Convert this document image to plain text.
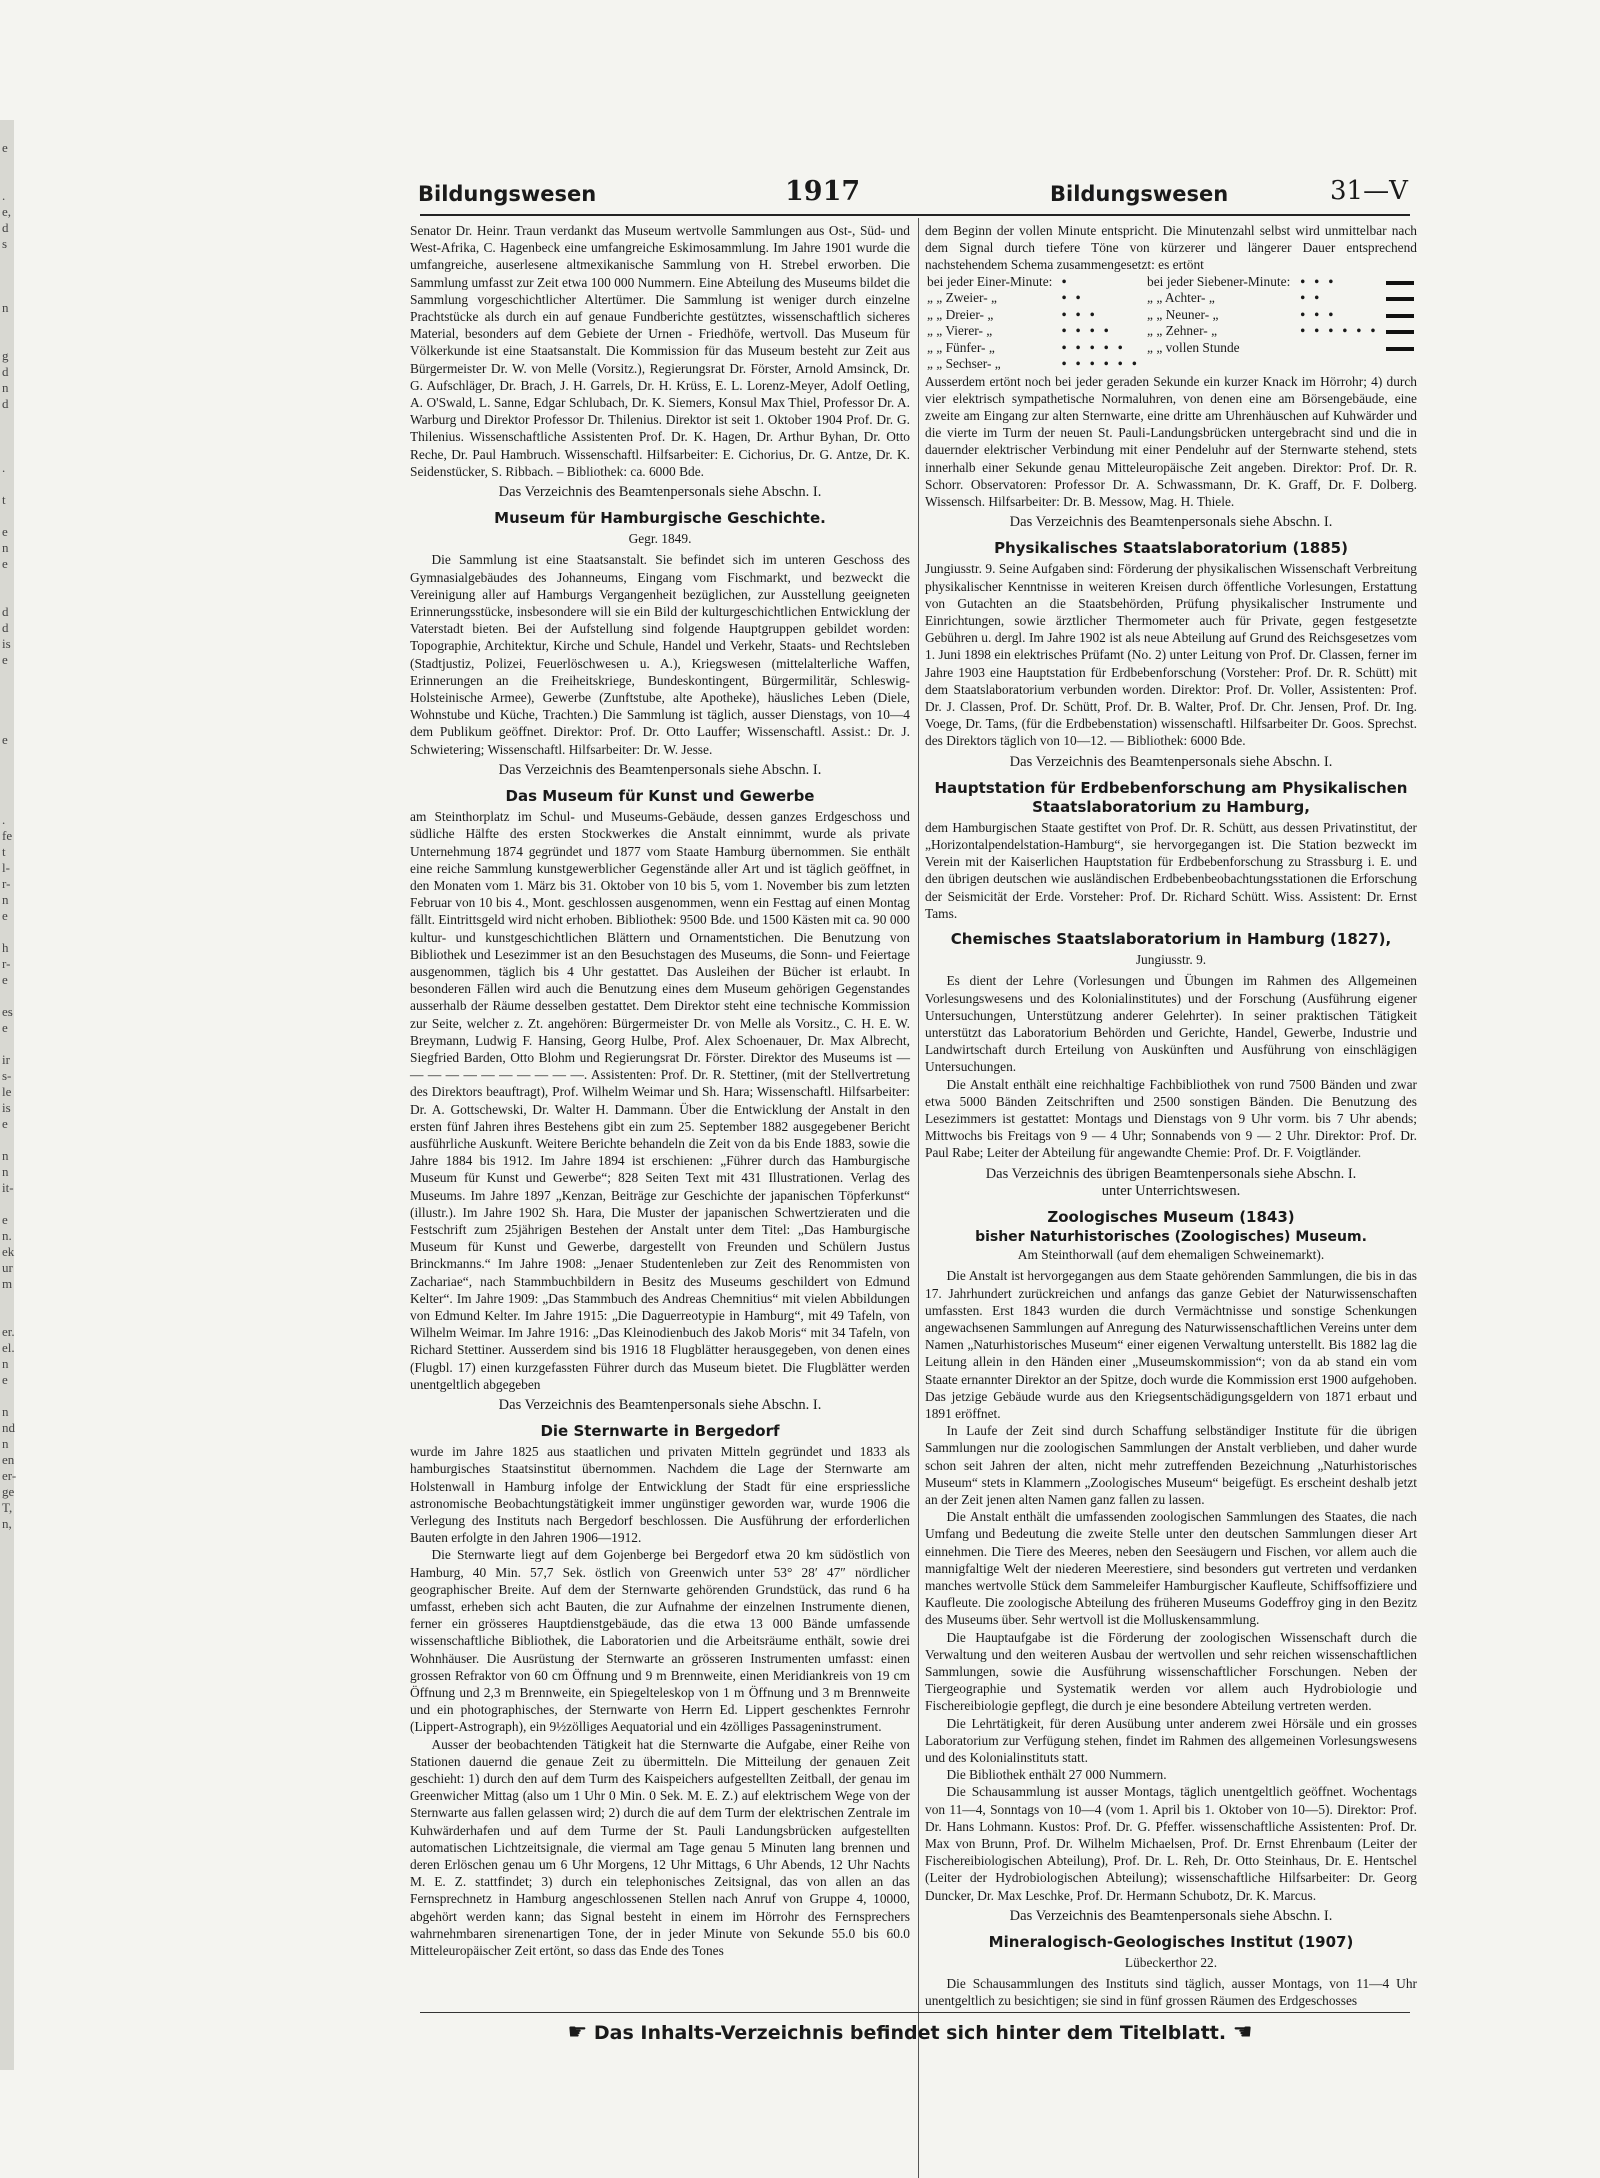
e

.
e,
d
s

n

g
d
n
d

.

t

e
n
e

d
d
is
e

e

.
fe
t
l-
r-
n
e

h
r-
e

es
e

ir
s-
le
is
e

n
n
it-

e
n.
ek
ur
m

er.
el.
n
e

n
nd
n
en
er-
ge
T,
n,
Bildungswesen	1917	Bildungswesen	31—V

Senator Dr. Heinr. Traun verdankt das Museum wertvolle Sammlungen aus Ost-, Süd- und West-Afrika, C. Hagenbeck eine umfangreiche Eskimosammlung. Im Jahre 1901 wurde die umfangreiche, auserlesene altmexikanische Sammlung von H. Strebel erworben. Die Sammlung umfasst zur Zeit etwa 100 000 Nummern. Eine Abteilung des Museums bildet die Sammlung vorgeschichtlicher Altertümer. Die Sammlung ist weniger durch einzelne Prachtstücke als durch ein auf genaue Fundberichte gestütztes, wissenschaftlich sicheres Material, besonders auf dem Gebiete der Urnen - Friedhöfe, wertvoll. Das Museum für Völkerkunde ist eine Staatsanstalt. Die Kommission für das Museum besteht zur Zeit aus Bürgermeister Dr. W. von Melle (Vorsitz.), Regierungsrat Dr. Förster, Arnold Amsinck, Dr. G. Aufschläger, Dr. Brach, J. H. Garrels, Dr. H. Krüss, E. L. Lorenz-Meyer, Adolf Oetling, A. O'Swald, L. Sanne, Edgar Schlubach, Dr. K. Siemers, Konsul Max Thiel, Professor Dr. A. Warburg und Direktor Professor Dr. Thilenius. Direktor ist seit 1. Oktober 1904 Prof. Dr. G. Thilenius. Wissenschaftliche Assistenten Prof. Dr. K. Hagen, Dr. Arthur Byhan, Dr. Otto Reche, Dr. Paul Hambruch. Wissenschaftl. Hilfsarbeiter: E. Cichorius, Dr. G. Antze, Dr. K. Seidenstücker, S. Ribbach. – Bibliothek: ca. 6000 Bde.

Das Verzeichnis des Beamtenpersonals siehe Abschn. I.

Museum für Hamburgische Geschichte.
Gegr. 1849.

Die Sammlung ist eine Staatsanstalt. Sie befindet sich im unteren Geschoss des Gymnasialgebäudes des Johanneums, Eingang vom Fischmarkt, und bezweckt die Vereinigung aller auf Hamburgs Vergangenheit bezüglichen, zur Ausstellung geeigneten Erinnerungsstücke, insbesondere will sie ein Bild der kulturgeschichtlichen Entwicklung der Vaterstadt bieten. Bei der Aufstellung sind folgende Hauptgruppen gebildet worden: Topographie, Architektur, Kirche und Schule, Handel und Verkehr, Staats- und Rechtsleben (Stadtjustiz, Polizei, Feuerlöschwesen u. A.), Kriegswesen (mittelalterliche Waffen, Erinnerungen an die Freiheitskriege, Bundeskontingent, Bürgermilitär, Schleswig-Holsteinische Armee), Gewerbe (Zunftstube, alte Apotheke), häusliches Leben (Diele, Wohnstube und Küche, Trachten.) Die Sammlung ist täglich, ausser Dienstags, von 10—4 dem Publikum geöffnet. Direktor: Prof. Dr. Otto Lauffer; Wissenschaftl. Assist.: Dr. J. Schwietering; Wissenschaftl. Hilfsarbeiter: Dr. W. Jesse.

Das Verzeichnis des Beamtenpersonals siehe Abschn. I.

Das Museum für Kunst und Gewerbe

am Steinthorplatz im Schul- und Museums-Gebäude, dessen ganzes Erdgeschoss und südliche Hälfte des ersten Stockwerkes die Anstalt einnimmt, wurde als private Unternehmung 1874 gegründet und 1877 vom Staate Hamburg übernommen. Sie enthält eine reiche Sammlung kunstgewerblicher Gegenstände aller Art und ist täglich geöffnet, in den Monaten vom 1. März bis 31. Oktober von 10 bis 5, vom 1. November bis zum letzten Februar von 10 bis 4., Mont. geschlossen ausgenommen, wenn ein Festtag auf einen Montag fällt. Eintrittsgeld wird nicht erhoben. Bibliothek: 9500 Bde. und 1500 Kästen mit ca. 90 000 kultur- und kunstgeschichtlichen Blättern und Ornamentstichen. Die Benutzung von Bibliothek und Lesezimmer ist an den Besuchstagen des Museums, die Sonn- und Feiertage ausgenommen, täglich bis 4 Uhr gestattet. Das Ausleihen der Bücher ist erlaubt. In besonderen Fällen wird auch die Benutzung eines dem Museum gehörigen Gegenstandes ausserhalb der Räume desselben gestattet. Dem Direktor steht eine technische Kommission zur Seite, welcher z. Zt. angehören: Bürgermeister Dr. von Melle als Vorsitz., C. H. E. W. Breymann, Ludwig F. Hansing, Georg Hulbe, Prof. Alex Schoenauer, Dr. Max Albrecht, Siegfried Barden, Otto Blohm und Regierungsrat Dr. Förster. Direktor des Museums ist — — — — — — — — — — —. Assistenten: Prof. Dr. R. Stettiner, (mit der Stellvertretung des Direktors beauftragt), Prof. Wilhelm Weimar und Sh. Hara; Wissenschaftl. Hilfsarbeiter: Dr. A. Gottschewski, Dr. Walter H. Dammann. Über die Entwicklung der Anstalt in den ersten fünf Jahren ihres Bestehens gibt ein zum 25. September 1882 ausgegebener Bericht ausführliche Auskunft. Weitere Berichte behandeln die Zeit von da bis Ende 1883, sowie die Jahre 1884 bis 1912. Im Jahre 1894 ist erschienen: „Führer durch das Hamburgische Museum für Kunst und Gewerbe“; 828 Seiten Text mit 431 Illustrationen. Verlag des Museums. Im Jahre 1897 „Kenzan, Beiträge zur Geschichte der japanischen Töpferkunst“ (illustr.). Im Jahre 1902 Sh. Hara, Die Muster der japanischen Schwertzieraten und die Festschrift zum 25jährigen Bestehen der Anstalt unter dem Titel: „Das Hamburgische Museum für Kunst und Gewerbe, dargestellt von Freunden und Schülern Justus Brinckmanns.“ Im Jahre 1908: „Jenaer Studentenleben zur Zeit des Renommisten von Zachariae“, nach Stammbuchbildern in Besitz des Museums geschildert von Edmund Kelter“. Im Jahre 1909: „Das Stammbuch des Andreas Chemnitius“ mit vielen Abbildungen von Edmund Kelter. Im Jahre 1915: „Die Daguerreotypie in Hamburg“, mit 49 Tafeln, von Wilhelm Weimar. Im Jahre 1916: „Das Kleinodienbuch des Jakob Moris“ mit 34 Tafeln, von Richard Stettiner. Ausserdem sind bis 1916 18 Flugblätter herausgegeben, von denen eines (Flugbl. 17) einen kurzgefassten Führer durch das Museum bietet. Die Flugblätter werden unentgeltlich abgegeben

Das Verzeichnis des Beamtenpersonals siehe Abschn. I.

Die Sternwarte in Bergedorf

wurde im Jahre 1825 aus staatlichen und privaten Mitteln gegründet und 1833 als hamburgisches Staatsinstitut übernommen. Nachdem die Lage der Sternwarte am Holstenwall in Hamburg infolge der Entwicklung der Stadt für eine erspriessliche astronomische Beobachtungstätigkeit immer ungünstiger geworden war, wurde 1906 die Verlegung des Instituts nach Bergedorf beschlossen. Die Ausführung der erforderlichen Bauten erfolgte in den Jahren 1906—1912.

Die Sternwarte liegt auf dem Gojenberge bei Bergedorf etwa 20 km südöstlich von Hamburg, 40 Min. 57,7 Sek. östlich von Greenwich unter 53° 28′ 47″ nördlicher geographischer Breite. Auf dem der Sternwarte gehörenden Grundstück, das rund 6 ha umfasst, erheben sich acht Bauten, die zur Aufnahme der einzelnen Instrumente dienen, ferner ein grösseres Hauptdienstgebäude, das die etwa 13 000 Bände umfassende wissenschaftliche Bibliothek, die Laboratorien und die Arbeitsräume enthält, sowie drei Wohnhäuser. Die Ausrüstung der Sternwarte an grösseren Instrumenten umfasst: einen grossen Refraktor von 60 cm Öffnung und 9 m Brennweite, einen Meridiankreis von 19 cm Öffnung und 2,3 m Brennweite, ein Spiegelteleskop von 1 m Öffnung und 3 m Brennweite und ein photographisches, der Sternwarte von Herrn Ed. Lippert geschenktes Fernrohr (Lippert-Astrograph), ein 9½zölliges Aequatorial und ein 4zölliges Passageninstrument.

Ausser der beobachtenden Tätigkeit hat die Sternwarte die Aufgabe, einer Reihe von Stationen dauernd die genaue Zeit zu übermitteln. Die Mitteilung der genauen Zeit geschieht: 1) durch den auf dem Turm des Kaispeichers aufgestellten Zeitball, der genau im Greenwicher Mittag (also um 1 Uhr 0 Min. 0 Sek. M. E. Z.) auf elektrischem Wege von der Sternwarte aus fallen gelassen wird; 2) durch die auf dem Turm der elektrischen Zentrale im Kuhwärderhafen und auf dem Turme der St. Pauli Landungsbrücken aufgestellten automatischen Lichtzeitsignale, die viermal am Tage genau 5 Minuten lang brennen und deren Erlöschen genau um 6 Uhr Morgens, 12 Uhr Mittags, 6 Uhr Abends, 12 Uhr Nachts M. E. Z. stattfindet; 3) durch ein telephonisches Zeitsignal, das von allen an das Fernsprechnetz in Hamburg angeschlossenen Stellen nach Anruf von Gruppe 4, 10000, abgehört werden kann; das Signal besteht in einem im Hörrohr des Fernsprechers wahrnehmbaren sirenenartigen Tone, der in jeder Minute von Sekunde 55.0 bis 60.0 Mitteleuropäischer Zeit ertönt, so dass das Ende des Tones

dem Beginn der vollen Minute entspricht. Die Minutenzahl selbst wird unmittelbar nach dem Signal durch tiefere Töne von kürzerer und längerer Dauer entsprechend nachstehendem Schema zusammengesetzt: es ertönt

bei jeder Einer-Minute:	•	bei jeder Siebener-Minute:	• • •	
„ „ Zweier- „	• •	„ „ Achter- „	• •	
„ „ Dreier- „	• • •	„ „ Neuner- „	• • •	
„ „ Vierer- „	• • • •	„ „ Zehner- „	• • • • • •	
„ „ Fünfer- „	• • • • •	„ „ vollen Stunde		
„ „ Sechser- „	• • • • • •			

Ausserdem ertönt noch bei jeder geraden Sekunde ein kurzer Knack im Hörrohr; 4) durch vier elektrisch sympathetische Normaluhren, von denen eine am Börsengebäude, eine zweite am Eingang zur alten Sternwarte, eine dritte am Uhrenhäuschen auf Kuhwärder und die vierte im Turm der neuen St. Pauli-Landungsbrücken untergebracht sind und die in dauernder elektrischer Verbindung mit einer Pendeluhr auf der Sternwarte stehend, stets innerhalb einer Sekunde genau Mitteleuropäische Zeit angeben. Direktor: Prof. Dr. R. Schorr. Observatoren: Professor Dr. A. Schwassmann, Dr. K. Graff, Dr. F. Dolberg. Wissensch. Hilfsarbeiter: Dr. B. Messow, Mag. H. Thiele.

Das Verzeichnis des Beamtenpersonals siehe Abschn. I.

Physikalisches Staatslaboratorium (1885)

Jungiusstr. 9. Seine Aufgaben sind: Förderung der physikalischen Wissenschaft Verbreitung physikalischer Kenntnisse in weiteren Kreisen durch öffentliche Vorlesungen, Erstattung von Gutachten an die Staatsbehörden, Prüfung physikalischer Instrumente und Einrichtungen, sowie ärztlicher Thermometer auch für Private, gegen festgesetzte Gebühren u. dergl. Im Jahre 1902 ist als neue Abteilung auf Grund des Reichsgesetzes vom 1. Juni 1898 ein elektrisches Prüfamt (No. 2) unter Leitung von Prof. Dr. Classen, ferner im Jahre 1903 eine Hauptstation für Erdbebenforschung (Vorsteher: Prof. Dr. R. Schütt) mit dem Staatslaboratorium verbunden worden. Direktor: Prof. Dr. Voller, Assistenten: Prof. Dr. J. Classen, Prof. Dr. Schütt, Prof. Dr. B. Walter, Prof. Dr. Chr. Jensen, Prof. Dr. Ing. Voege, Dr. Tams, (für die Erdbebenstation) wissenschaftl. Hilfsarbeiter Dr. Goos. Sprechst. des Direktors täglich von 10—12. — Bibliothek: 6000 Bde.

Das Verzeichnis des Beamtenpersonals siehe Abschn. I.

Hauptstation für Erdbebenforschung am Physikalischen Staatslaboratorium zu Hamburg,

dem Hamburgischen Staate gestiftet von Prof. Dr. R. Schütt, aus dessen Privatinstitut, der „Horizontalpendelstation-Hamburg“, sie hervorgegangen ist. Die Station bezweckt im Verein mit der Kaiserlichen Hauptstation für Erdbebenforschung zu Strassburg i. E. und den übrigen deutschen wie ausländischen Erdbebenbeobachtungsstationen die Erforschung der Seismicität der Erde. Vorsteher: Prof. Dr. Richard Schütt. Wiss. Assistent: Dr. Ernst Tams.

Chemisches Staatslaboratorium in Hamburg (1827),
Jungiusstr. 9.

Es dient der Lehre (Vorlesungen und Übungen im Rahmen des Allgemeinen Vorlesungswesens und des Kolonialinstitutes) und der Forschung (Ausführung eigener Untersuchungen, Unterstützung anderer Gelehrter). In seiner praktischen Tätigkeit unterstützt das Laboratorium Behörden und Gerichte, Handel, Gewerbe, Industrie und Landwirtschaft durch Erteilung von Auskünften und Ausführung von einschlägigen Untersuchungen.

Die Anstalt enthält eine reichhaltige Fachbibliothek von rund 7500 Bänden und zwar etwa 5000 Bänden Zeitschriften und 2500 sonstigen Bänden. Die Benutzung des Lesezimmers ist gestattet: Montags und Dienstags von 9 Uhr vorm. bis 7 Uhr abends; Mittwochs bis Freitags von 9 — 4 Uhr; Sonnabends von 9 — 2 Uhr. Direktor: Prof. Dr. Paul Rabe; Leiter der Abteilung für angewandte Chemie: Prof. Dr. F. Voigtländer.

Das Verzeichnis des übrigen Beamtenpersonals siehe Abschn. I.

unter Unterrichtswesen.

Zoologisches Museum (1843)
bisher Naturhistorisches (Zoologisches) Museum.
Am Steinthorwall (auf dem ehemaligen Schweinemarkt).

Die Anstalt ist hervorgegangen aus dem Staate gehörenden Sammlungen, die bis in das 17. Jahrhundert zurückreichen und anfangs das ganze Gebiet der Naturwissenschaften umfassten. Erst 1843 wurden die durch Vermächtnisse und sonstige Schenkungen angewachsenen Sammlungen auf Anregung des Naturwissenschaftlichen Vereins unter dem Namen „Naturhistorisches Museum“ einer eigenen Verwaltung unterstellt. Bis 1882 lag die Leitung allein in den Händen einer „Museumskommission“; von da ab stand ein vom Staate ernannter Direktor an der Spitze, doch wurde die Kommission erst 1900 aufgehoben. Das jetzige Gebäude wurde aus den Kriegsentschädigungsgeldern von 1871 erbaut und 1891 eröffnet.

In Laufe der Zeit sind durch Schaffung selbständiger Institute für die übrigen Sammlungen nur die zoologischen Sammlungen der Anstalt verblieben, und daher wurde schon seit Jahren der alten, nicht mehr zutreffenden Bezeichnung „Naturhistorisches Museum“ stets in Klammern „Zoologisches Museum“ beigefügt. Es erscheint deshalb jetzt an der Zeit jenen alten Namen ganz fallen zu lassen.

Die Anstalt enthält die umfassenden zoologischen Sammlungen des Staates, die nach Umfang und Bedeutung die zweite Stelle unter den deutschen Sammlungen dieser Art einnehmen. Die Tiere des Meeres, neben den Seesäugern und Fischen, vor allem auch die mannigfaltige Welt der niederen Meerestiere, sind besonders gut vertreten und verdanken manches wertvolle Stück dem Sammeleifer Hamburgischer Kaufleute, Schiffsoffiziere und Kaufleute. Die zoologische Abteilung des früheren Museums Godeffroy ging in den Bezitz des Museums über. Sehr wertvoll ist die Molluskensammlung.

Die Hauptaufgabe ist die Förderung der zoologischen Wissenschaft durch die Verwaltung und den weiteren Ausbau der wertvollen und sehr reichen wissenschaftlichen Sammlungen, sowie die Ausführung wissenschaftlicher Forschungen. Neben der Tiergeographie und Systematik werden vor allem auch Hydrobiologie und Fischereibiologie gepflegt, die durch je eine besondere Abteilung vertreten werden.

Die Lehrtätigkeit, für deren Ausübung unter anderem zwei Hörsäle und ein grosses Laboratorium zur Verfügung stehen, findet im Rahmen des allgemeinen Vorlesungswesens und des Kolonialinstituts statt.

Die Bibliothek enthält 27 000 Nummern.

Die Schausammlung ist ausser Montags, täglich unentgeltlich geöffnet. Wochentags von 11—4, Sonntags von 10—4 (vom 1. April bis 1. Oktober von 10—5). Direktor: Prof. Dr. Hans Lohmann. Kustos: Prof. Dr. G. Pfeffer. wissenschaftliche Assistenten: Prof. Dr. Max von Brunn, Prof. Dr. Wilhelm Michaelsen, Prof. Dr. Ernst Ehrenbaum (Leiter der Fischereibiologischen Abteilung), Prof. Dr. L. Reh, Dr. Otto Steinhaus, Dr. E. Hentschel (Leiter der Hydrobiologischen Abteilung); wissenschaftliche Hilfsarbeiter: Dr. Georg Duncker, Dr. Max Leschke, Prof. Dr. Hermann Schubotz, Dr. K. Marcus.

Das Verzeichnis des Beamtenpersonals siehe Abschn. I.

Mineralogisch-Geologisches Institut (1907)
Lübeckerthor 22.

Die Schausammlungen des Instituts sind täglich, ausser Montags, von 11—4 Uhr unentgeltlich zu besichtigen; sie sind in fünf grossen Räumen des Erdgeschosses

☛ Das Inhalts-Verzeichnis befindet sich hinter dem Titelblatt. ☚
